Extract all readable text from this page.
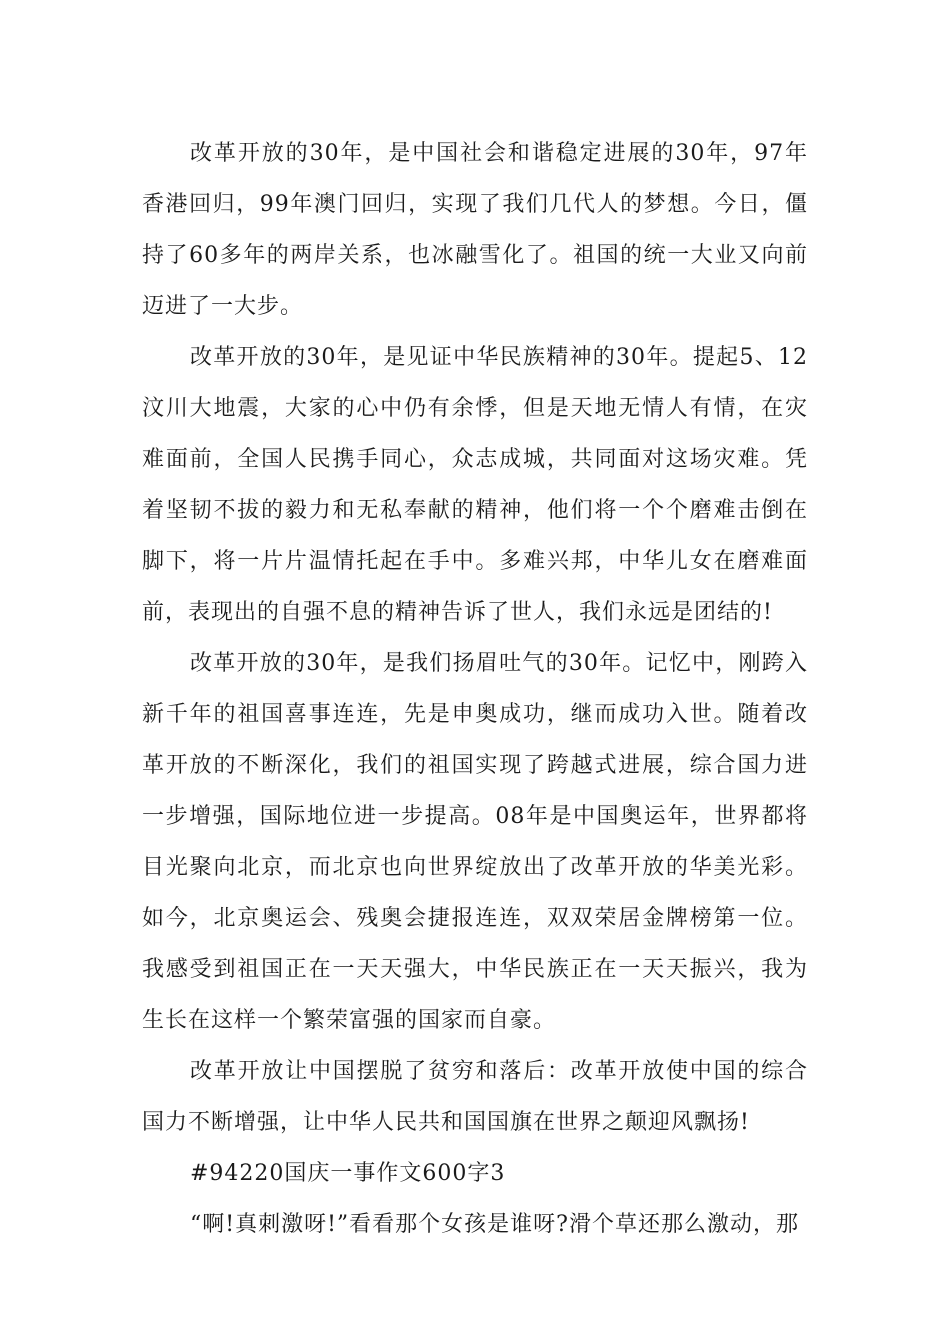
改革开放的30年，是中国社会和谐稳定进展的30年，97年香港回归，99年澳门回归，实现了我们几代人的梦想。今日，僵持了60多年的两岸关系，也冰融雪化了。祖国的统一大业又向前迈进了一大步。

改革开放的30年，是见证中华民族精神的30年。提起5、12汶川大地震，大家的心中仍有余悸，但是天地无情人有情，在灾难面前，全国人民携手同心，众志成城，共同面对这场灾难。凭着坚韧不拔的毅力和无私奉献的精神，他们将一个个磨难击倒在脚下，将一片片温情托起在手中。多难兴邦，中华儿女在磨难面前，表现出的自强不息的精神告诉了世人，我们永远是团结的!

改革开放的30年，是我们扬眉吐气的30年。记忆中，刚跨入新千年的祖国喜事连连，先是申奥成功，继而成功入世。随着改革开放的不断深化，我们的祖国实现了跨越式进展，综合国力进一步增强，国际地位进一步提高。08年是中国奥运年，世界都将目光聚向北京，而北京也向世界绽放出了改革开放的华美光彩。如今，北京奥运会、残奥会捷报连连，双双荣居金牌榜第一位。我感受到祖国正在一天天强大，中华民族正在一天天振兴，我为生长在这样一个繁荣富强的国家而自豪。

改革开放让中国摆脱了贫穷和落后：改革开放使中国的综合国力不断增强，让中华人民共和国国旗在世界之颠迎风飘扬!

#94220国庆一事作文600字3

“啊!真刺激呀!”看看那个女孩是谁呀?滑个草还那么激动，那
